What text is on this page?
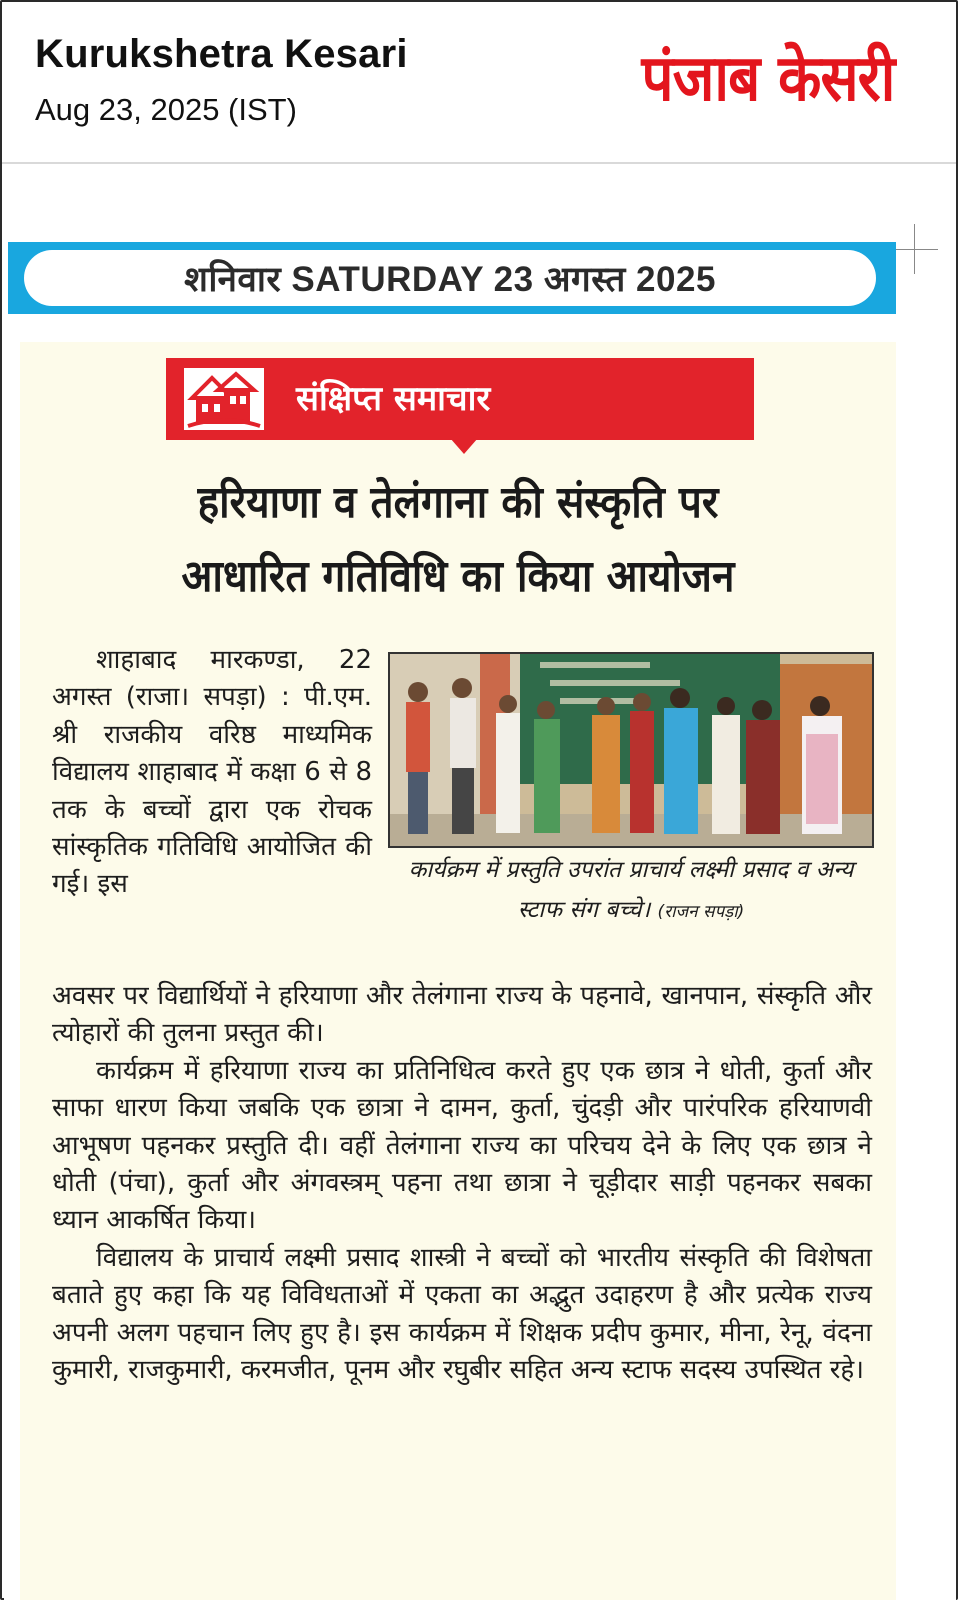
Kurukshetra Kesari
Aug 23, 2025 (IST)	पंजाब केसरी
शनिवार SATURDAY 23 अगस्त 2025
संक्षिप्त समाचार
हरियाणा व तेलंगाना की संस्कृति पर
आधारित गतिविधि का किया आयोजन
शाहाबाद मारकण्डा, 22 अगस्त (राजा। सपड़ा) : पी.एम. श्री राजकीय वरिष्ठ माध्यमिक विद्यालय शाहाबाद में कक्षा 6 से 8 तक के बच्चों द्वारा एक रोचक सांस्कृतिक गतिविधि आयोजित की गई। इस	कार्यक्रम में प्रस्तुति उपरांत प्राचार्य लक्ष्मी प्रसाद व अन्य स्टाफ संग बच्चे। (राजन सपड़ा)

अवसर पर विद्यार्थियों ने हरियाणा और तेलंगाना राज्य के पहनावे, खानपान, संस्कृति और त्योहारों की तुलना प्रस्तुत की।

कार्यक्रम में हरियाणा राज्य का प्रतिनिधित्व करते हुए एक छात्र ने धोती, कुर्ता और साफा धारण किया जबकि एक छात्रा ने दामन, कुर्ता, चुंदड़ी और पारंपरिक हरियाणवी आभूषण पहनकर प्रस्तुति दी। वहीं तेलंगाना राज्य का परिचय देने के लिए एक छात्र ने धोती (पंचा), कुर्ता और अंगवस्त्रम् पहना तथा छात्रा ने चूड़ीदार साड़ी पहनकर सबका ध्यान आकर्षित किया।

विद्यालय के प्राचार्य लक्ष्मी प्रसाद शास्त्री ने बच्चों को भारतीय संस्कृति की विशेषता बताते हुए कहा कि यह विविधताओं में एकता का अद्भुत उदाहरण है और प्रत्येक राज्य अपनी अलग पहचान लिए हुए है। इस कार्यक्रम में शिक्षक प्रदीप कुमार, मीना, रेनू, वंदना कुमारी, राजकुमारी, करमजीत, पूनम और रघुबीर सहित अन्य स्टाफ सदस्य उपस्थित रहे।
